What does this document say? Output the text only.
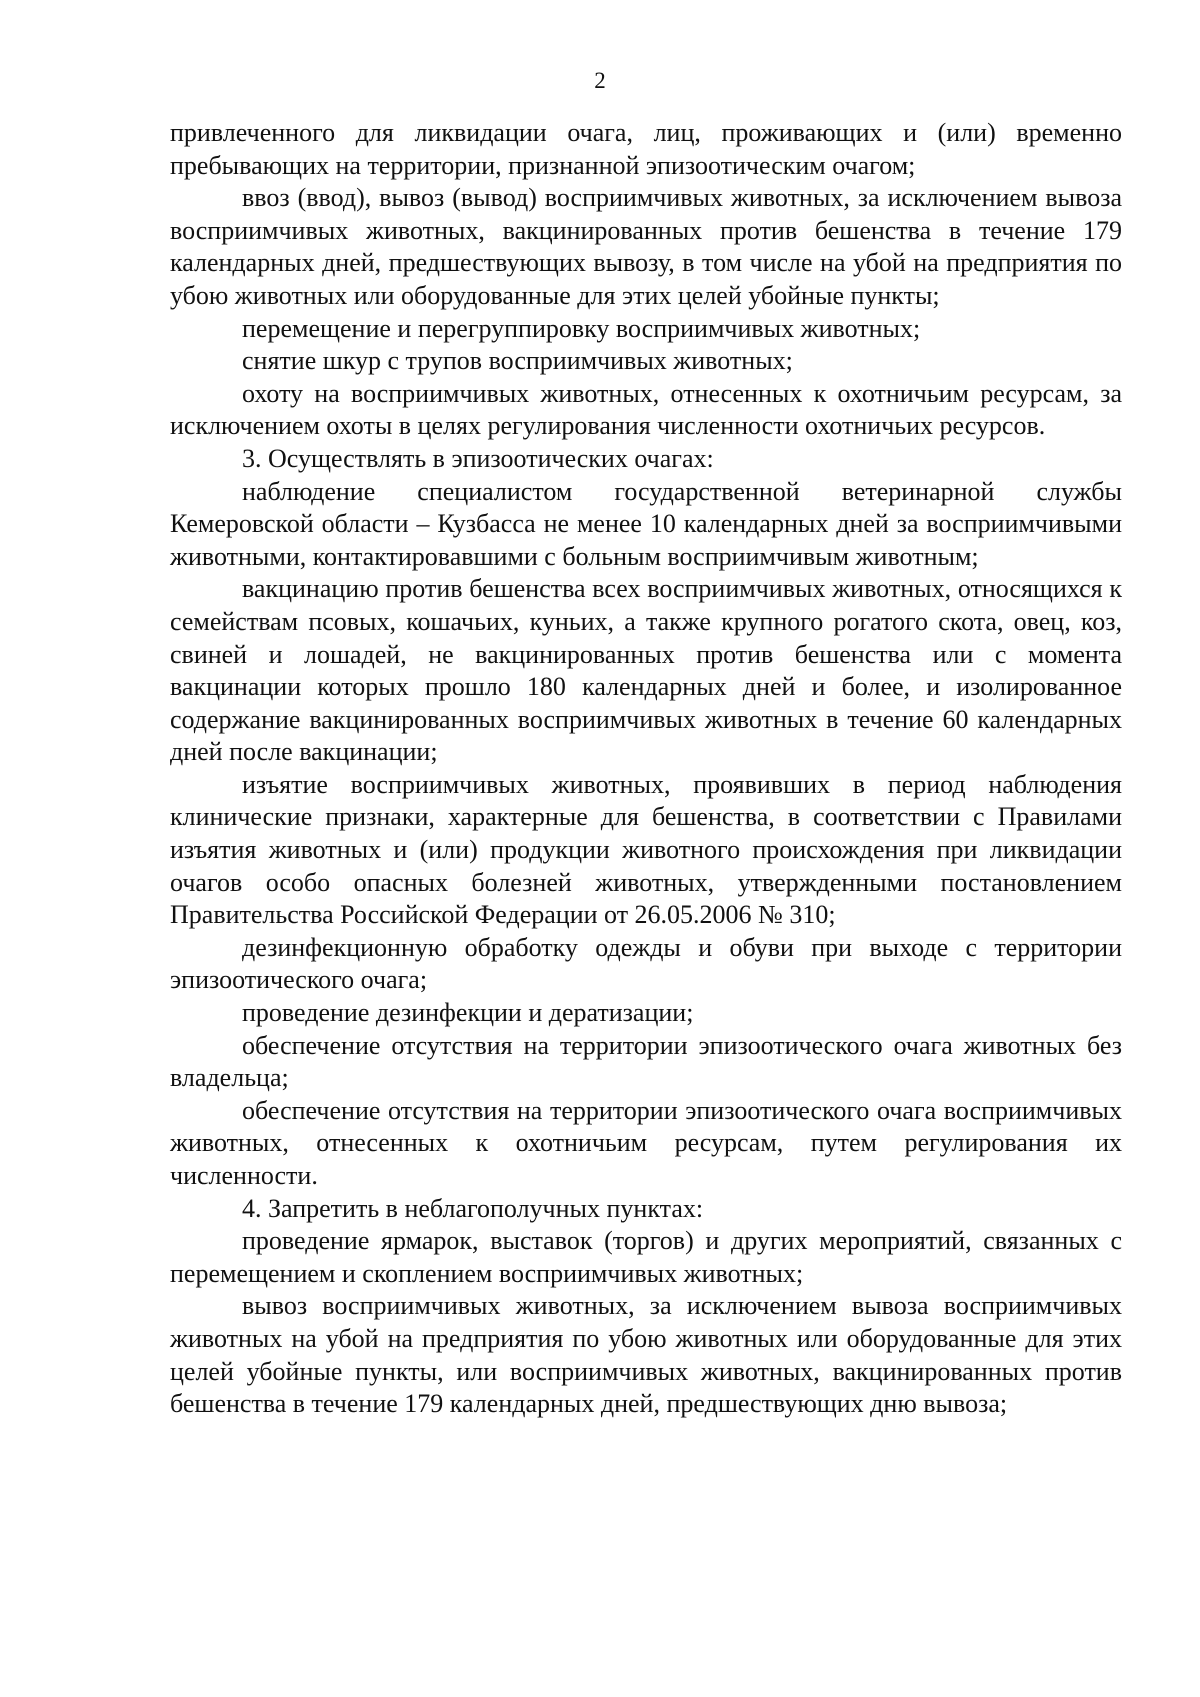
2

привлеченного для ликвидации очага, лиц, проживающих и (или) временно пребывающих на территории, признанной эпизоотическим очагом;

ввоз (ввод), вывоз (вывод) восприимчивых животных, за исключением вывоза восприимчивых животных, вакцинированных против бешенства в течение 179 календарных дней, предшествующих вывозу, в том числе на убой на предприятия по убою животных или оборудованные для этих целей убойные пункты;

перемещение и перегруппировку восприимчивых животных;

снятие шкур с трупов восприимчивых животных;

охоту на восприимчивых животных, отнесенных к охотничьим ресурсам, за исключением охоты в целях регулирования численности охотничьих ресурсов.

3. Осуществлять в эпизоотических очагах:

наблюдение специалистом государственной ветеринарной службы Кемеровской области – Кузбасса не менее 10 календарных дней за восприимчивыми животными, контактировавшими с больным восприимчивым животным;

вакцинацию против бешенства всех восприимчивых животных, относящихся к семействам псовых, кошачьих, куньих, а также крупного рогатого скота, овец, коз, свиней и лошадей, не вакцинированных против бешенства или с момента вакцинации которых прошло 180 календарных дней и более, и изолированное содержание вакцинированных восприимчивых животных в течение 60 календарных дней после вакцинации;

изъятие восприимчивых животных, проявивших в период наблюдения клинические признаки, характерные для бешенства, в соответствии с Правилами изъятия животных и (или) продукции животного происхождения при ликвидации очагов особо опасных болезней животных, утвержденными постановлением Правительства Российской Федерации от 26.05.2006 № 310;

дезинфекционную обработку одежды и обуви при выходе с территории эпизоотического очага;

проведение дезинфекции и дератизации;

обеспечение отсутствия на территории эпизоотического очага животных без владельца;

обеспечение отсутствия на территории эпизоотического очага восприимчивых животных, отнесенных к охотничьим ресурсам, путем регулирования их численности.

4. Запретить в неблагополучных пунктах:

проведение ярмарок, выставок (торгов) и других мероприятий, связанных с перемещением и скоплением восприимчивых животных;

вывоз восприимчивых животных, за исключением вывоза восприимчивых животных на убой на предприятия по убою животных или оборудованные для этих целей убойные пункты, или восприимчивых животных, вакцинированных против бешенства в течение 179 календарных дней, предшествующих дню вывоза;
